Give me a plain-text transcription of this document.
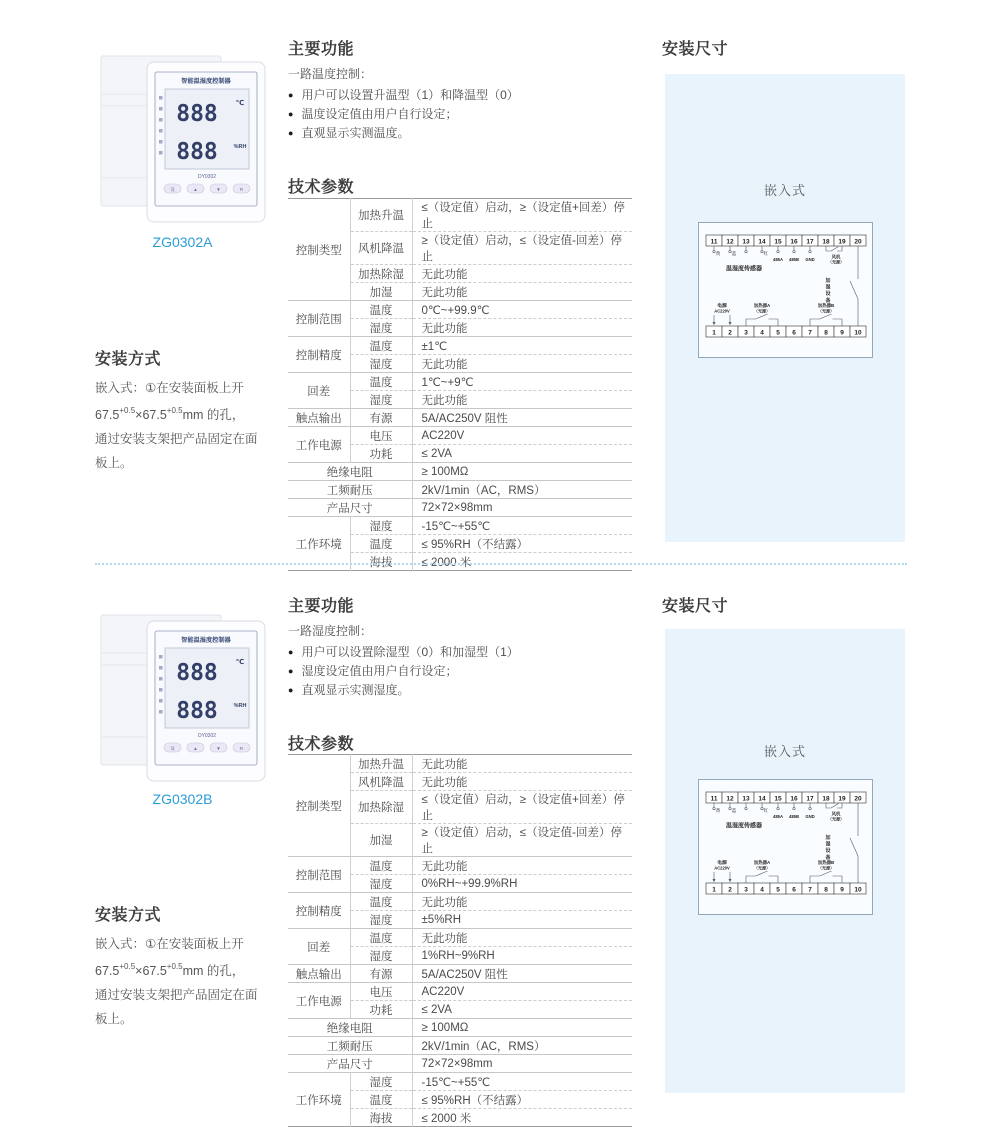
智能温湿度控制器
888	℃
888	%RH
DY0302
设	▲	▼	R
ZG0302A
安装方式
嵌入式：①在安装面板上开
$67.5^{+0.5}\times 67.5^{+0.5}mm$ 的孔，
通过安装支架把产品固定在面
板上。
主要功能
一路温度控制：
● 用户可以设置升温型（1）和降温型（0）
● 温度设定值由用户自行设定；
● 直观显示实测温度。
技术参数
控制类型	加热升温	≤（设定值）启动，≥（设定值+回差）停止
	风机降温	≥（设定值）启动，≤（设定值-回差）停止
	加热除湿	无此功能
	加湿	无此功能
控制范围	温度	0℃~+99.9℃
	湿度	无此功能
控制精度	温度	±1℃
	湿度	无此功能
回差	温度	1℃~+9℃
	湿度	无此功能
触点输出	有源	5A/AC250V 阻性
工作电源	电压	AC220V
	功耗	≤ 2VA
绝缘电阻		≥ 100MΩ
工频耐压		2kV/1min（AC，RMS）
产品尺寸		72×72×98mm
工作环境	湿度	-15℃~+55℃
	温度	≤ 95%RH（不结露）
	海拔	≤ 2000 米
安装尺寸
嵌入式
11 12 13 14 15 16 17 18 19 20
1 2 3 4 5 6 7 8 9 10
黄 蓝	红
485A 485B GND
温湿度传感器
风机
（无源）
加
湿
设
备
电源
AC220V
加热器A
（无源）
加热器B
（无源）
智能温湿度控制器
888	℃
888	%RH
DY0302
设	▲	▼	R
ZG0302B
安装方式
嵌入式：①在安装面板上开
$67.5^{+0.5}\times 67.5^{+0.5}mm$ 的孔，
通过安装支架把产品固定在面
板上。
主要功能
一路湿度控制：
● 用户可以设置除湿型（0）和加湿型（1）
● 湿度设定值由用户自行设定；
● 直观显示实测湿度。
技术参数
控制类型	加热升温	无此功能
	风机降温	无此功能
	加热除湿	≤（设定值）启动，≥（设定值+回差）停止
	加湿	≥（设定值）启动，≤（设定值-回差）停止
控制范围	温度	无此功能
	湿度	0%RH~+99.9%RH
控制精度	温度	无此功能
	湿度	±5%RH
回差	温度	无此功能
	湿度	1%RH~9%RH
触点输出	有源	5A/AC250V 阻性
工作电源	电压	AC220V
	功耗	≤ 2VA
绝缘电阻		≥ 100MΩ
工频耐压		2kV/1min（AC，RMS）
产品尺寸		72×72×98mm
工作环境	湿度	-15℃~+55℃
	温度	≤ 95%RH（不结露）
	海拔	≤ 2000 米
安装尺寸
嵌入式
11 12 13 14 15 16 17 18 19 20
1 2 3 4 5 6 7 8 9 10
黄 蓝	红
485A 485B GND
温湿度传感器
风机
（无源）
加
湿
设
备
电源
AC220V
加热器A
（无源）
加热器B
（无源）
